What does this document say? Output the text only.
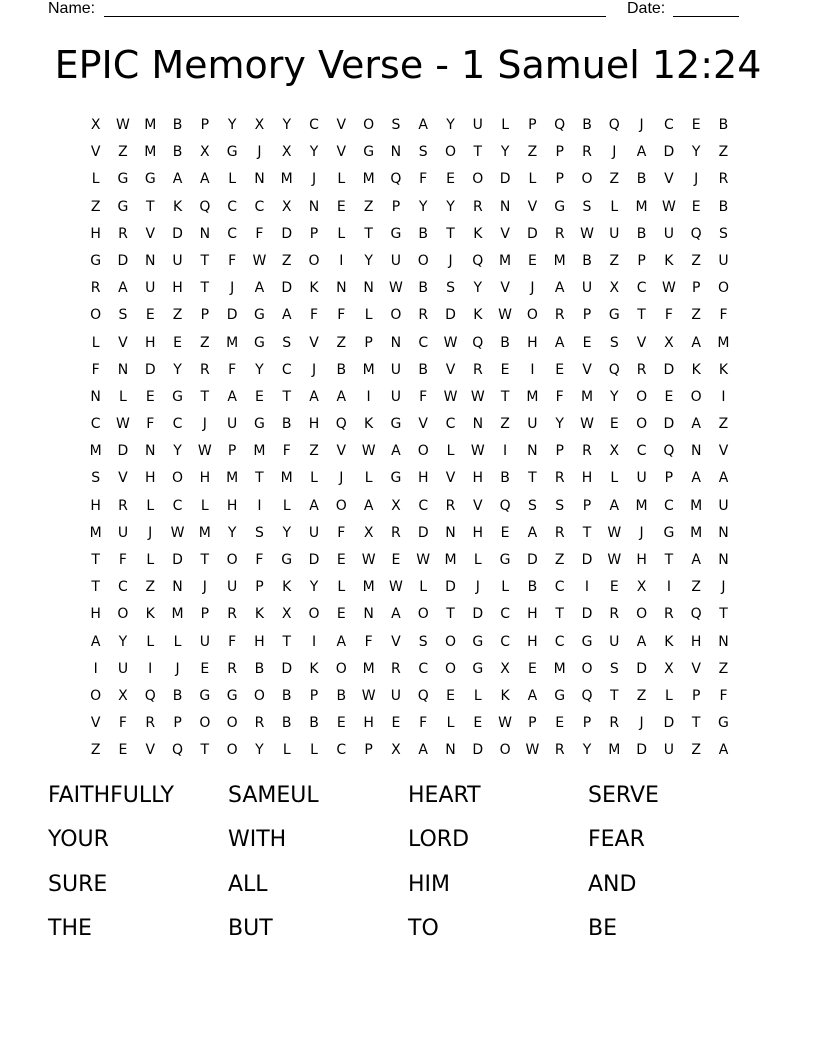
Name:	Date:
EPIC Memory Verse - 1 Samuel 12:24
X	W	M	B	P	Y	X	Y	C	V	O	S	A	Y	U	L	P	Q	B	Q	J	C	E	B
V	Z	M	B	X	G	J	X	Y	V	G	N	S	O	T	Y	Z	P	R	J	A	D	Y	Z
L	G	G	A	A	L	N	M	J	L	M	Q	F	E	O	D	L	P	O	Z	B	V	J	R
Z	G	T	K	Q	C	C	X	N	E	Z	P	Y	Y	R	N	V	G	S	L	M	W	E	B
H	R	V	D	N	C	F	D	P	L	T	G	B	T	K	V	D	R	W	U	B	U	Q	S
G	D	N	U	T	F	W	Z	O	I	Y	U	O	J	Q	M	E	M	B	Z	P	K	Z	U
R	A	U	H	T	J	A	D	K	N	N	W	B	S	Y	V	J	A	U	X	C	W	P	O
O	S	E	Z	P	D	G	A	F	F	L	O	R	D	K	W	O	R	P	G	T	F	Z	F
L	V	H	E	Z	M	G	S	V	Z	P	N	C	W	Q	B	H	A	E	S	V	X	A	M
F	N	D	Y	R	F	Y	C	J	B	M	U	B	V	R	E	I	E	V	Q	R	D	K	K
N	L	E	G	T	A	E	T	A	A	I	U	F	W W	T	M	F	M	Y	O	E	O	I
C	W	F	C	J	U	G	B	H	Q	K	G	V	C	N	Z	U	Y	W	E	O	D	A	Z
M	D	N	Y	W	P	M	F	Z	V	W	A	O	L	W	I	N	P	R	X	C	Q	N	V
S	V	H	O	H	M	T	M	L	J	L	G	H	V	H	B	T	R	H	L	U	P	A	A
H	R	L	C	L	H	I	L	A	O	A	X	C	R	V	Q	S	S	P	A	M	C	M	U
M	U	J	W	M	Y	S	Y	U	F	X	R	D	N	H	E	A	R	T	W	J	G	M	N
T	F	L	D	T	O	F	G	D	E	W	E	W	M	L	G	D	Z	D	W	H	T	A	N
T	C	Z	N	J	U	P	K	Y	L	M	W	L	D	J	L	B	C	I	E	X	I	Z	J
H	O	K	M	P	R	K	X	O	E	N	A	O	T	D	C	H	T	D	R	O	R	Q	T
A	Y	L	L	U	F	H	T	I	A	F	V	S	O	G	C	H	C	G	U	A	K	H	N
I	U	I	J	E	R	B	D	K	O	M	R	C	O	G	X	E	M	O	S	D	X	V	Z
O	X	Q	B	G	G	O	B	P	B	W	U	Q	E	L	K	A	G	Q	T	Z	L	P	F
V	F	R	P	O	O	R	B	B	E	H	E	F	L	E	W	P	E	P	R	J	D	T	G
Z	E	V	Q	T	O	Y	L	L	C	P	X	A	N	D	O	W	R	Y	M	D	U	Z	A
FAITHFULLY	SAMEUL	HEART	SERVE
YOUR	WITH	LORD	FEAR
SURE	ALL	HIM	AND
THE	BUT	TO	BE
